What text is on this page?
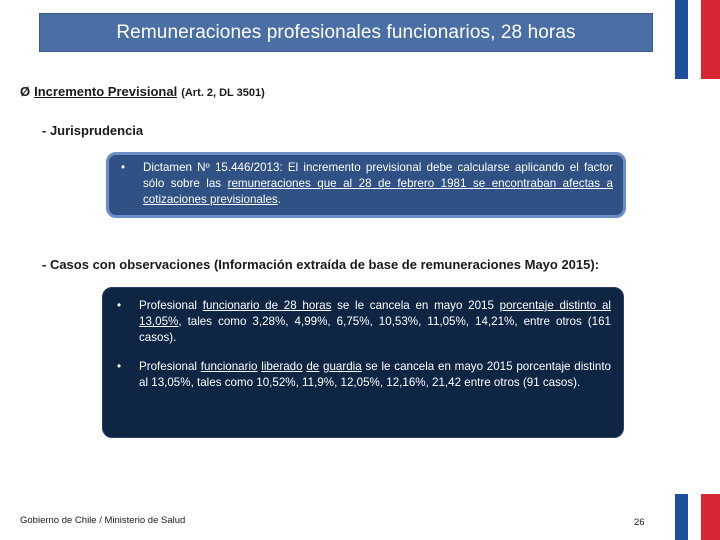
Remuneraciones profesionales funcionarios, 28 horas
Ø Incremento Previsional (Art. 2, DL 3501)
- Jurisprudencia
•	Dictamen Nº 15.446/2013: El incremento previsional debe calcularse aplicando el factor sólo sobre las remuneraciones que al 28 de febrero 1981 se encontraban afectas a cotizaciones previsionales.
- Casos con observaciones (Información extraída de base de remuneraciones Mayo 2015):
•	Profesional funcionario de 28 horas se le cancela en mayo 2015 porcentaje distinto al 13,05%, tales como 3,28%, 4,99%, 6,75%, 10,53%, 11,05%, 14,21%, entre otros (161 casos).
•	Profesional funcionario liberado de guardia se le cancela en mayo 2015 porcentaje distinto al 13,05%, tales como 10,52%, 11,9%, 12,05%, 12,16%, 21,42 entre otros (91 casos).
Gobierno de Chile / Ministerio de Salud	26
